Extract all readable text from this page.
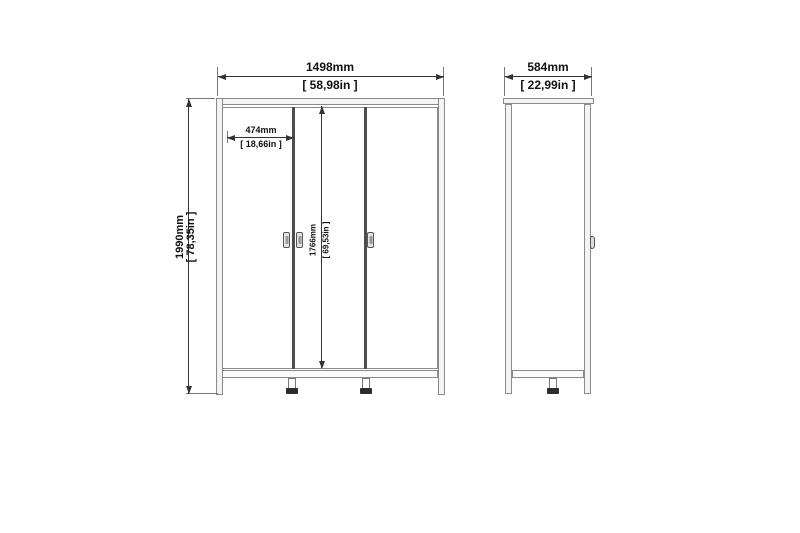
1498mm
[ 58,98in ]
1990mm [ 78,35in ]
474mm
[ 18,66in ]
1766mm [ 69,53in ]
584mm
[ 22,99in ]
